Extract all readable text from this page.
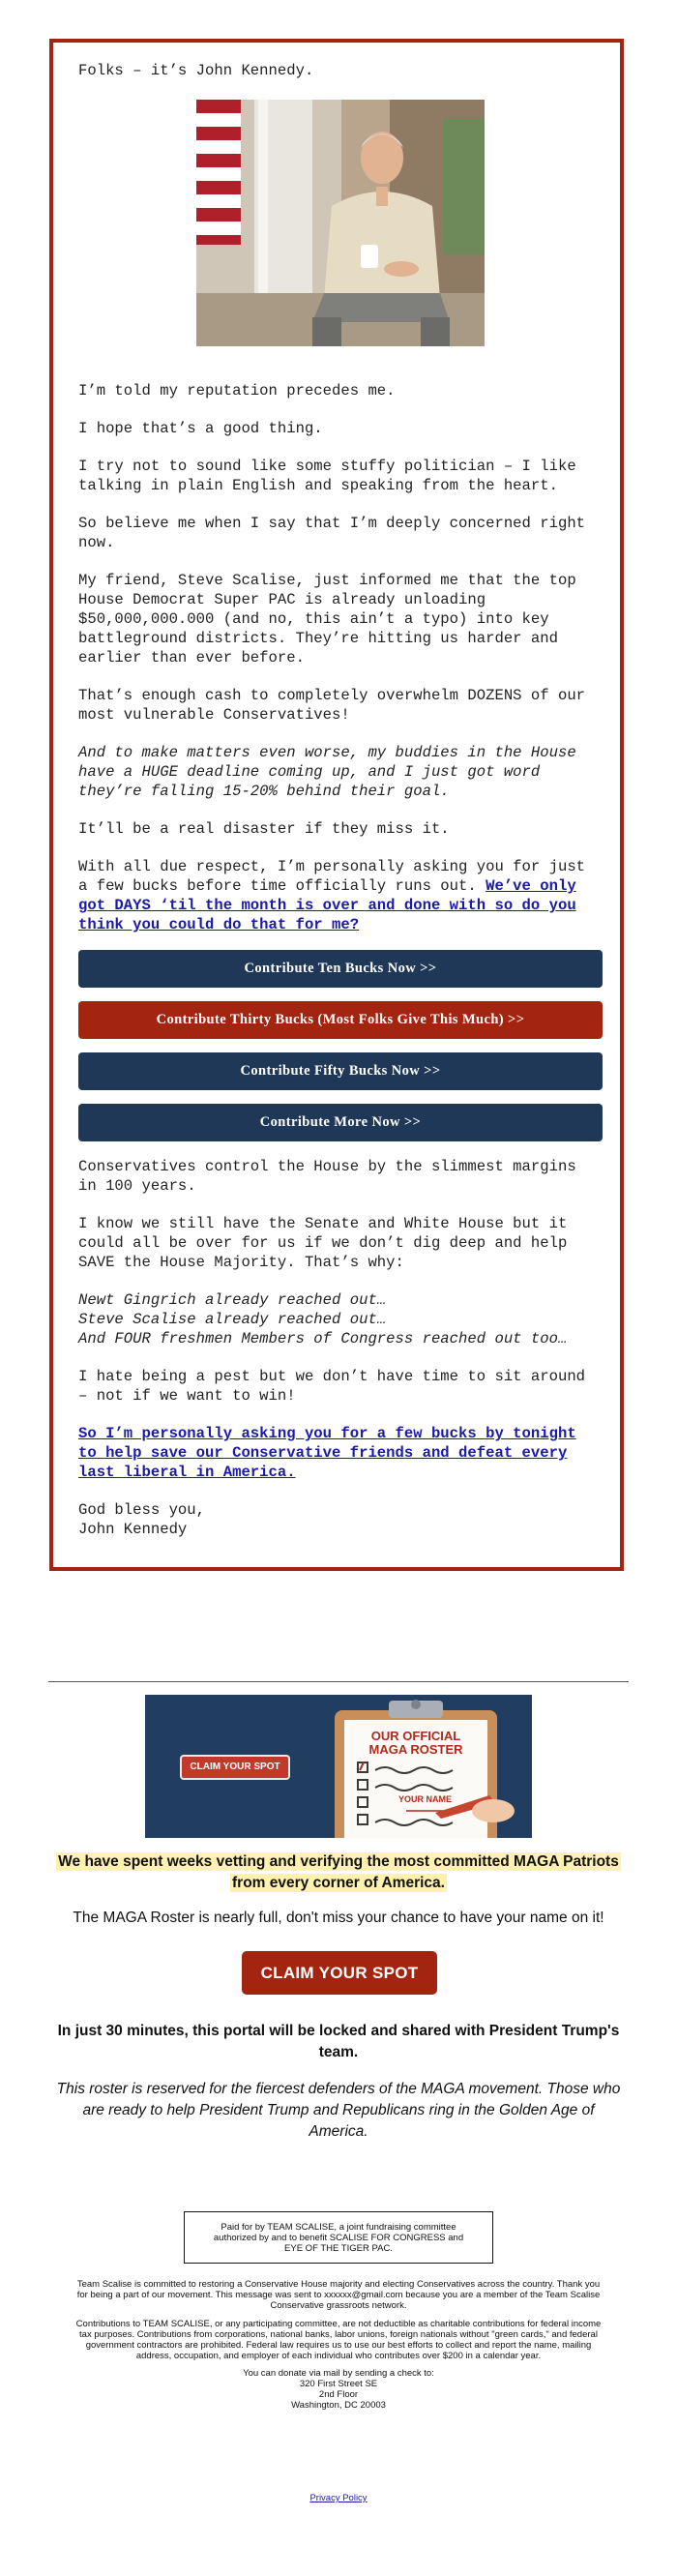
Folks – it’s John Kennedy.

I’m told my reputation precedes me.

I hope that’s a good thing.

I try not to sound like some stuffy politician – I like talking in plain English and speaking from the heart.

So believe me when I say that I’m deeply concerned right now.

My friend, Steve Scalise, just informed me that the top House Democrat Super PAC is already unloading $50,000,000.000 (and no, this ain’t a typo) into key battleground districts. They’re hitting us harder and earlier than ever before.

That’s enough cash to completely overwhelm DOZENS of our most vulnerable Conservatives!

And to make matters even worse, my buddies in the House have a HUGE deadline coming up, and I just got word they’re falling 15-20% behind their goal.

It’ll be a real disaster if they miss it.

With all due respect, I’m personally asking you for just a few bucks before time officially runs out. We’ve only got DAYS ‘til the month is over and done with so do you think you could do that for me?

Contribute Ten Bucks Now >>
Contribute Thirty Bucks (Most Folks Give This Much) >>
Contribute Fifty Bucks Now >>
Contribute More Now >>

Conservatives control the House by the slimmest margins in 100 years.

I know we still have the Senate and White House but it could all be over for us if we don’t dig deep and help SAVE the House Majority. That’s why:

Newt Gingrich already reached out…
Steve Scalise already reached out…
And FOUR freshmen Members of Congress reached out too…

I hate being a pest but we don’t have time to sit around – not if we want to win!

So I’m personally asking you for a few bucks by tonight to help save our Conservative friends and defeat every last liberal in America.

God bless you,
John Kennedy

CLAIM YOUR SPOT
OUR OFFICIAL
MAGA ROSTER
YOUR NAME
We have spent weeks vetting and verifying the most committed MAGA Patriots
from every corner of America.
The MAGA Roster is nearly full, don't miss your chance to have your name on it!
CLAIM YOUR SPOT
In just 30 minutes, this portal will be locked and shared with President Trump's
team.
This roster is reserved for the fiercest defenders of the MAGA movement. Those who
are ready to help President Trump and Republicans ring in the Golden Age of
America.
Paid for by TEAM SCALISE, a joint fundraising committee
authorized by and to benefit SCALISE FOR CONGRESS and
EYE OF THE TIGER PAC.
Team Scalise is committed to restoring a Conservative House majority and electing Conservatives across the country. Thank you
for being a part of our movement. This message was sent to xxxxxx@gmail.com because you are a member of the Team Scalise
Conservative grassroots network.
Contributions to TEAM SCALISE, or any participating committee, are not deductible as charitable contributions for federal income
tax purposes. Contributions from corporations, national banks, labor unions, foreign nationals without "green cards," and federal
government contractors are prohibited. Federal law requires us to use our best efforts to collect and report the name, mailing
address, occupation, and employer of each individual who contributes over $200 in a calendar year.
You can donate via mail by sending a check to:
320 First Street SE
2nd Floor
Washington, DC 20003
Privacy Policy
